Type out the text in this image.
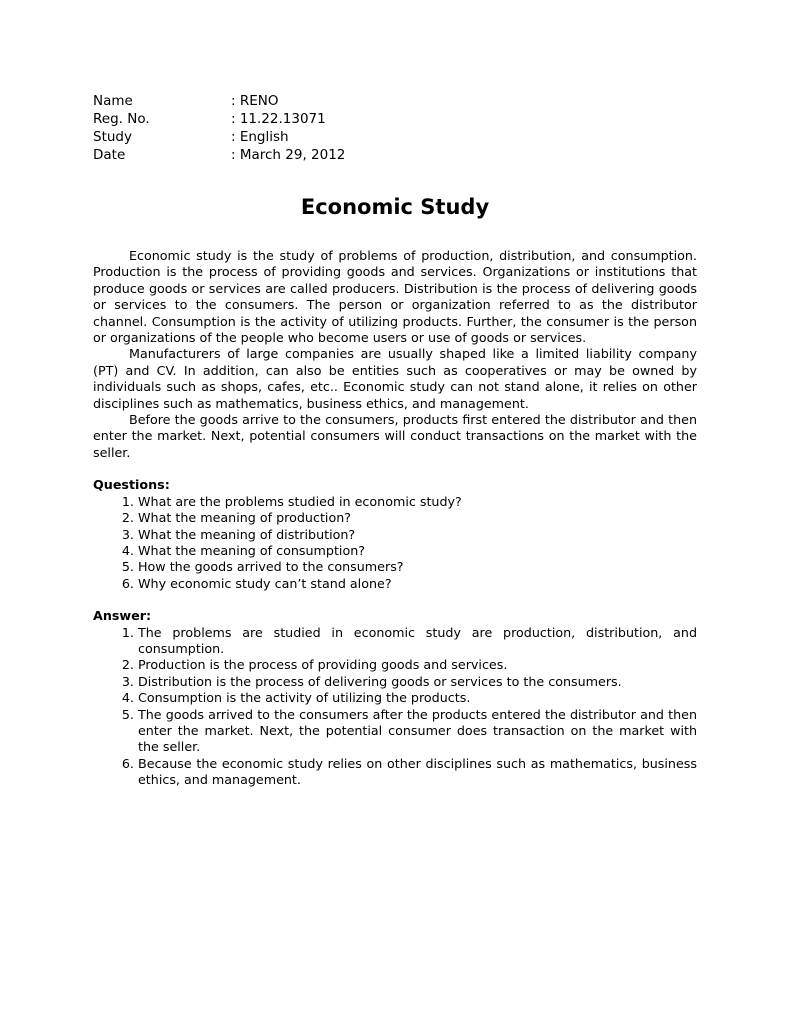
Name	: RENO
Reg. No.	: 11.22.13071
Study	: English
Date	: March 29, 2012
Economic Study

Economic study is the study of problems of production, distribution, and consumption. Production is the process of providing goods and services. Organizations or institutions that produce goods or services are called producers. Distribution is the process of delivering goods or services to the consumers. The person or organization referred to as the distributor channel. Consumption is the activity of utilizing products. Further, the consumer is the person or organizations of the people who become users or use of goods or services.

Manufacturers of large companies are usually shaped like a limited liability company (PT) and CV. In addition, can also be entities such as cooperatives or may be owned by individuals such as shops, cafes, etc.. Economic study can not stand alone, it relies on other disciplines such as mathematics, business ethics, and management.

Before the goods arrive to the consumers, products first entered the distributor and then enter the market. Next, potential consumers will conduct transactions on the market with the seller.

Questions:
1. What are the problems studied in economic study?
2. What the meaning of production?
3. What the meaning of distribution?
4. What the meaning of consumption?
5. How the goods arrived to the consumers?
6. Why economic study can’t stand alone?
Answer:
1. The problems are studied in economic study are production, distribution, and consumption.
2. Production is the process of providing goods and services.
3. Distribution is the process of delivering goods or services to the consumers.
4. Consumption is the activity of utilizing the products.
5. The goods arrived to the consumers after the products entered the distributor and then enter the market. Next, the potential consumer does transaction on the market with the seller.
6. Because the economic study relies on other disciplines such as mathematics, business ethics, and management.
